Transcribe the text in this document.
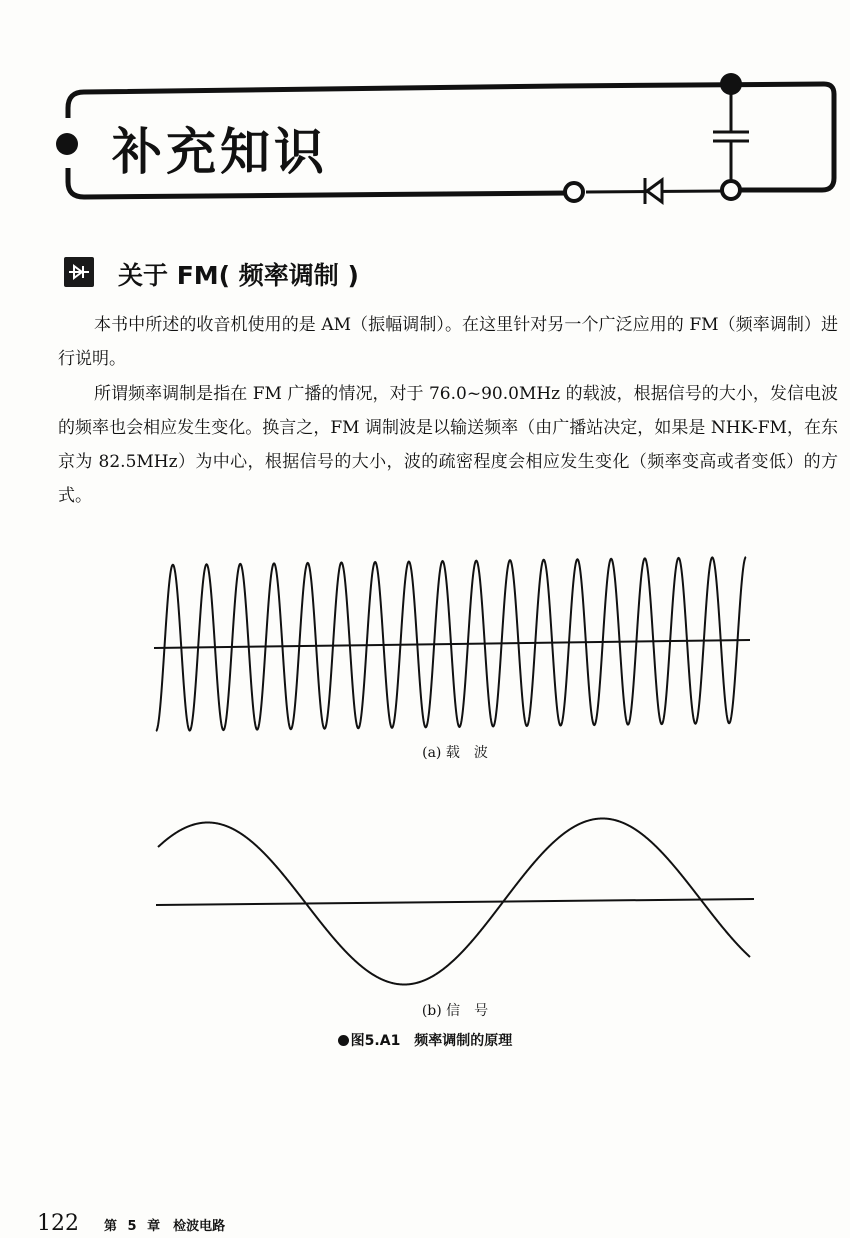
补充知识
关于 FM( 频率调制 )

本书中所述的收音机使用的是 AM（振幅调制）。在这里针对另一个广泛应用的 FM（频率调制）进行说明。

所谓频率调制是指在 FM 广播的情况，对于 76.0~90.0MHz 的载波，根据信号的大小，发信电波的频率也会相应发生变化。换言之，FM 调制波是以输送频率（由广播站决定，如果是 NHK-FM，在东京为 82.5MHz）为中心，根据信号的大小，波的疏密程度会相应发生变化（频率变高或者变低）的方式。

(a) 载　波
(b) 信　号
图5.A1　频率调制的原理
122 第 5 章　检波电路
